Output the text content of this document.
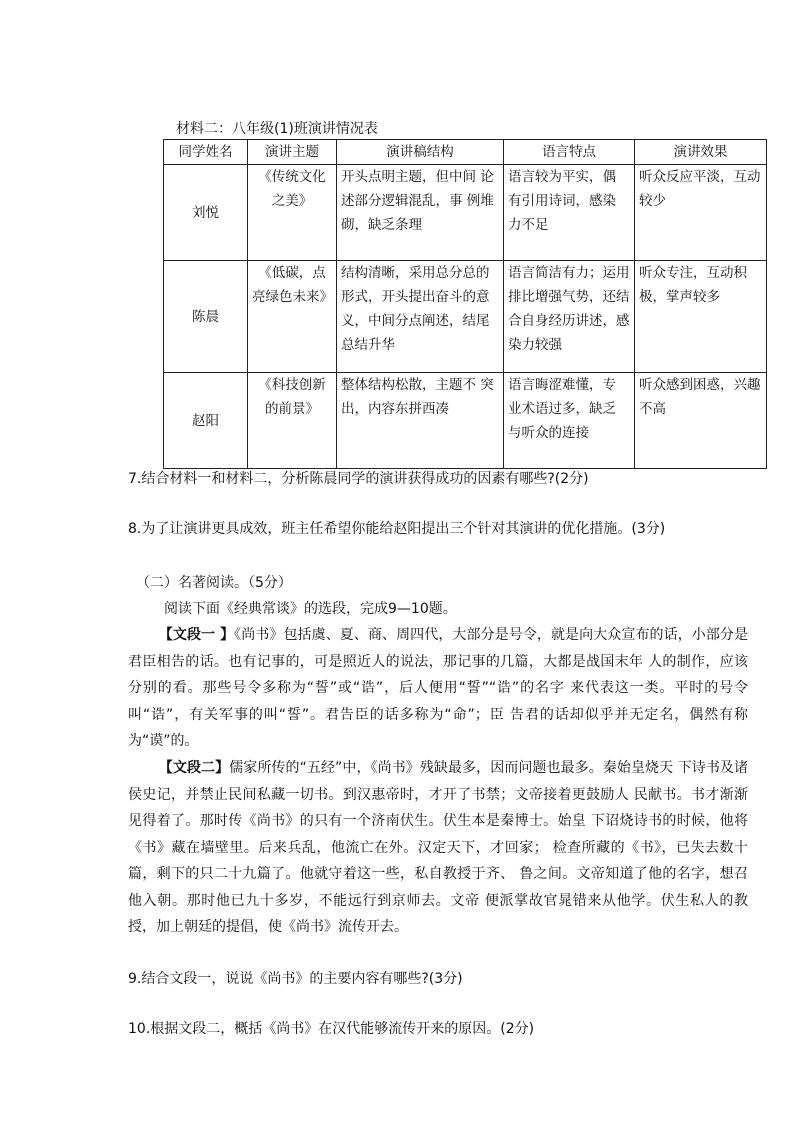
材料二：八年级(1)班演讲情况表
同学姓名	演讲主题	演讲稿结构	语言特点	演讲效果
刘悦	《传统文化之美》	开头点明主题，但中间 论述部分逻辑混乱，事 例堆砌，缺乏条理	语言较为平实，偶 有引用诗词，感染 力不足	听众反应平淡，互动较少
陈晨	《低碳，点亮绿色未来》	结构清晰，采用总分总的形式，开头提出奋斗的意义，中间分点阐述，结尾总结升华	语言简洁有力；运用排比增强气势，还结合自身经历讲述，感染力较强	听众专注，互动积极，掌声较多
赵阳	《科技创新的前景》	整体结构松散，主题不 突出，内容东拼西凑	语言晦涩难懂，专 业术语过多，缺乏 与听众的连接	听众感到困惑，兴趣不高
7.结合材料一和材料二，分析陈晨同学的演讲获得成功的因素有哪些?(2分)
8.为了让演讲更具成效，班主任希望你能给赵阳提出三个针对其演讲的优化措施。(3分)
（二）名著阅读。（5分）
阅读下面《经典常谈》的选段，完成9—10题。

【文段一 】《尚书》包括虞、夏、商、周四代，大部分是号令，就是向大众宣布的话，小部分是君臣相告的话。也有记事的，可是照近人的说法，那记事的几篇，大都是战国末年 人的制作，应该分别的看。那些号令多称为“誓”或“诰”，后人便用“誓”“诰”的名字 来代表这一类。平时的号令叫“诰”，有关军事的叫“誓”。君告臣的话多称为“命”；臣 告君的话却似乎并无定名，偶然有称为“谟”的。

【文段二】儒家所传的“五经”中，《尚书》残缺最多，因而问题也最多。秦始皇烧天 下诗书及诸侯史记，并禁止民间私藏一切书。到汉惠帝时，才开了书禁；文帝接着更鼓励人 民献书。书才渐渐见得着了。那时传《尚书》的只有一个济南伏生。伏生本是秦博士。始皇 下诏烧诗书的时候，他将《书》藏在墙壁里。后来兵乱，他流亡在外。汉定天下，才回家； 检查所藏的《书》，已失去数十篇，剩下的只二十九篇了。他就守着这一些，私自教授于齐、 鲁之间。文帝知道了他的名字，想召他入朝。那时他已九十多岁，不能远行到京师去。文帝 便派掌故官晁错来从他学。伏生私人的教授，加上朝廷的提倡，使《尚书》流传开去。

9.结合文段一，说说《尚书》的主要内容有哪些?(3分)
10.根据文段二，概括《尚书》在汉代能够流传开来的原因。(2分)
